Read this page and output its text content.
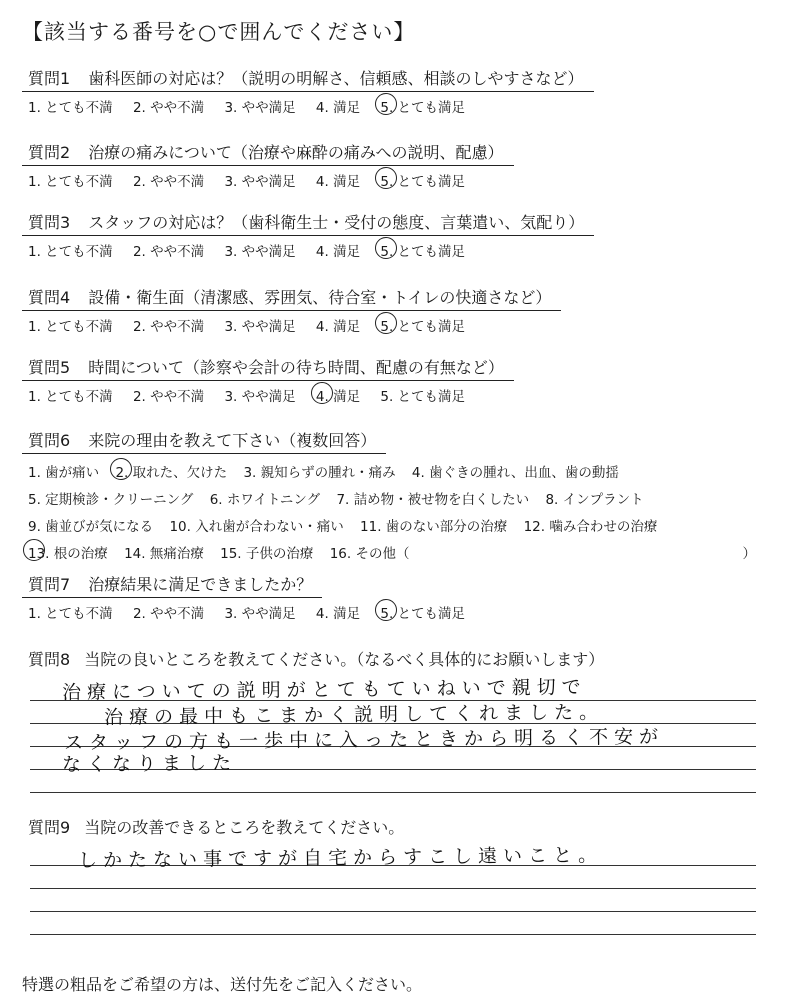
【該当する番号を○で囲んでください】
質問1 歯科医師の対応は？（説明の明解さ、信頼感、相談のしやすさなど）
1. とても不満 2. やや不満 3. やや満足 4. 満足 5. とても満足
質問2 治療の痛みについて（治療や麻酔の痛みへの説明、配慮）
1. とても不満 2. やや不満 3. やや満足 4. 満足 5. とても満足
質問3 スタッフの対応は？（歯科衛生士・受付の態度、言葉遣い、気配り）
1. とても不満 2. やや不満 3. やや満足 4. 満足 5. とても満足
質問4 設備・衛生面（清潔感、雰囲気、待合室・トイレの快適さなど）
1. とても不満 2. やや不満 3. やや満足 4. 満足 5. とても満足
質問5 時間について（診察や会計の待ち時間、配慮の有無など）
1. とても不満 2. やや不満 3. やや満足 4. 満足 5. とても満足
質問6 来院の理由を教えて下さい（複数回答）
1. 歯が痛い 2. 取れた、欠けた 3. 親知らずの腫れ・痛み 4. 歯ぐきの腫れ、出血、歯の動揺
5. 定期検診・クリーニング 6. ホワイトニング 7. 詰め物・被せ物を白くしたい 8. インプラント
9. 歯並びが気になる 10. 入れ歯が合わない・痛い 11. 歯のない部分の治療 12. 噛み合わせの治療
13. 根の治療 14. 無痛治療 15. 子供の治療 16. その他（	）
質問7 治療結果に満足できましたか？
1. とても不満 2. やや不満 3. やや満足 4. 満足 5. とても満足
質問8 当院の良いところを教えてください。（なるべく具体的にお願いします）
治療についての説明がとてもていねいで親切で
治療の最中もこまかく説明してくれました。
スタッフの方も一歩中に入ったときから明るく不安が
なくなりました
質問9 当院の改善できるところを教えてください。
しかたない事ですが自宅からすこし遠いこと。
特選の粗品をご希望の方は、送付先をご記入ください。
